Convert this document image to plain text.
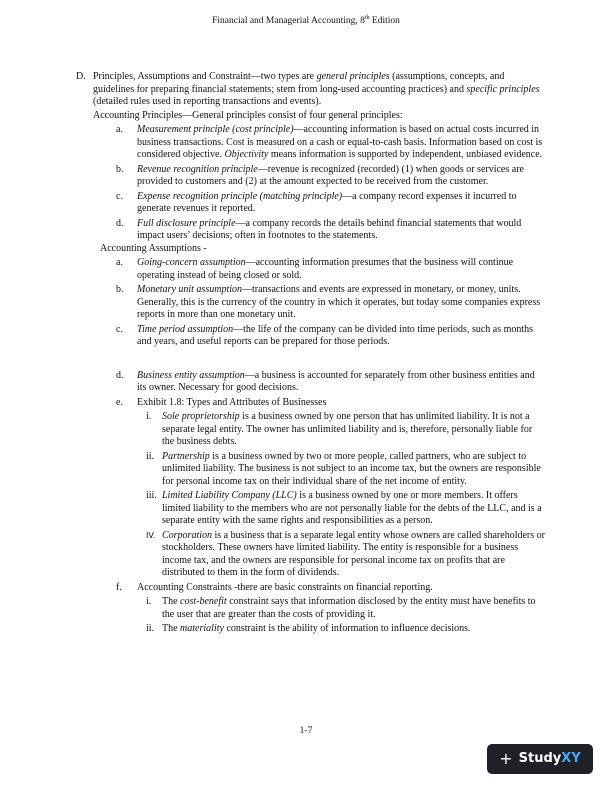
Financial and Managerial Accounting, 8th Edition
D. Principles, Assumptions and Constraint—two types are general principles (assumptions, concepts, and guidelines for preparing financial statements; stem from long-used accounting practices) and specific principles (detailed rules used in reporting transactions and events).
Accounting Principles—General principles consist of four general principles:
a.	Measurement principle (cost principle)—accounting information is based on actual costs incurred in business transactions. Cost is measured on a cash or equal-to-cash basis. Information based on cost is considered objective. Objectivity means information is supported by independent, unbiased evidence.
b.	Revenue recognition principle—revenue is recognized (recorded) (1) when goods or services are provided to customers and (2) at the amount expected to be received from the customer.
c.	Expense recognition principle (matching principle)—a company record expenses it incurred to generate revenues it reported.
d.	Full disclosure principle—a company records the details behind financial statements that would impact users’ decisions; often in footnotes to the statements.
Accounting Assumptions -
a.	Going-concern assumption—accounting information presumes that the business will continue operating instead of being closed or sold.
b.	Monetary unit assumption—transactions and events are expressed in monetary, or money, units. Generally, this is the currency of the country in which it operates, but today some companies express reports in more than one monetary unit.
c.	Time period assumption—the life of the company can be divided into time periods, such as months and years, and useful reports can be prepared for those periods.
d.	Business entity assumption—a business is accounted for separately from other business entities and its owner. Necessary for good decisions.
e.	Exhibit 1.8: Types and Attributes of Businesses
i.	Sole proprietorship is a business owned by one person that has unlimited liability. It is not a separate legal entity. The owner has unlimited liability and is, therefore, personally liable for the business debts.
ii. Partnership is a business owned by two or more people, called partners, who are subject to unlimited liability. The business is not subject to an income tax, but the owners are responsible for personal income tax on their individual share of the net income of entity.
iii. Limited Liability Company (LLC) is a business owned by one or more members. It offers limited liability to the members who are not personally liable for the debts of the LLC, and is a separate entity with the same rights and responsibilities as a person.
IV. Corporation is a business that is a separate legal entity whose owners are called shareholders or stockholders. These owners have limited liability. The entity is responsible for a business income tax, and the owners are responsible for personal income tax on profits that are distributed to them in the form of dividends.
f.	Accounting Constraints -there are basic constraints on financial reporting.
i.	The cost-benefit constraint says that information disclosed by the entity must have benefits to the user that are greater than the costs of providing it.
ii. The materiality constraint is the ability of information to influence decisions.
1-7
+ Study XY
